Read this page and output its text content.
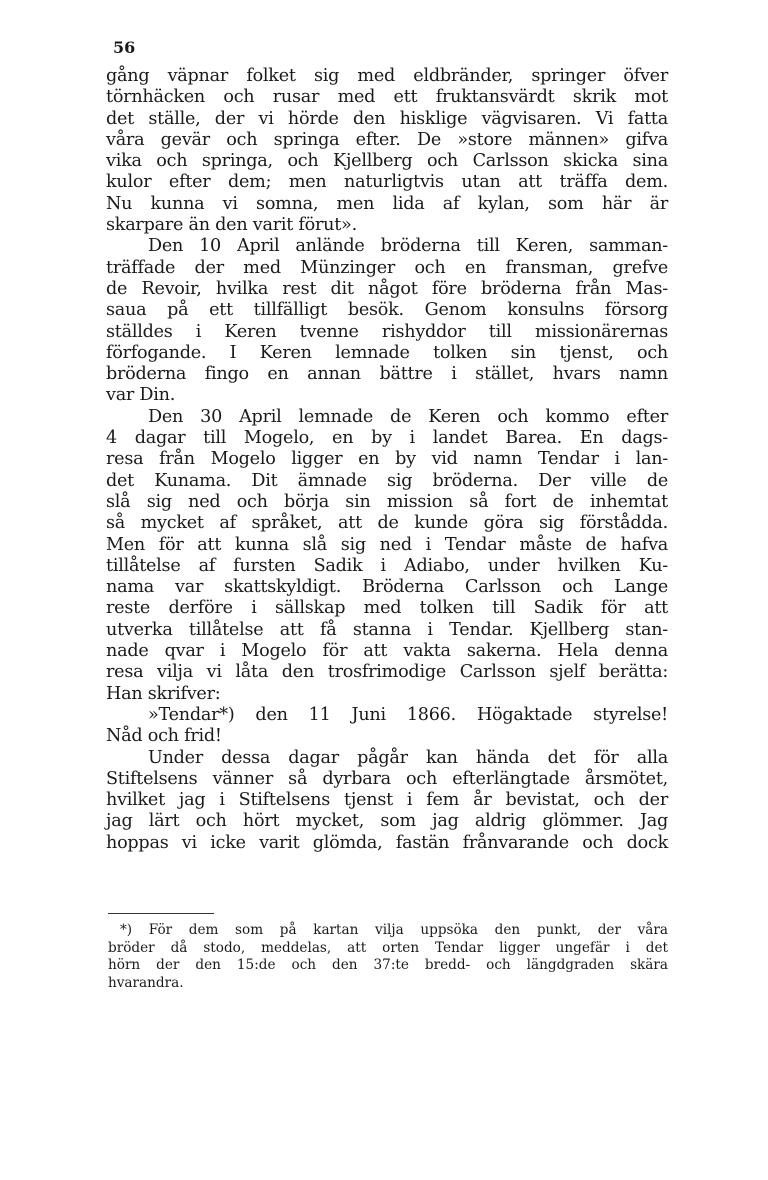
56
gång väpnar folket sig med eldbränder, springer öfver
törnhäcken och rusar med ett fruktansvärdt skrik mot
det ställe, der vi hörde den hisklige vägvisaren. Vi fatta
våra gevär och springa efter. De »store männen» gifva
vika och springa, och Kjellberg och Carlsson skicka sina
kulor efter dem; men naturligtvis utan att träffa dem.
Nu kunna vi somna, men lida af kylan, som här är
skarpare än den varit förut».
Den 10 April anlände bröderna till Keren, samman-
träffade der med Münzinger och en fransman, grefve
de Revoir, hvilka rest dit något före bröderna från Mas-
saua på ett tillfälligt besök. Genom konsulns försorg
ställdes i Keren tvenne rishyddor till missionärernas
förfogande. I Keren lemnade tolken sin tjenst, och
bröderna fingo en annan bättre i stället, hvars namn
var Din.
Den 30 April lemnade de Keren och kommo efter
4 dagar till Mogelo, en by i landet Barea. En dags-
resa från Mogelo ligger en by vid namn Tendar i lan-
det Kunama. Dit ämnade sig bröderna. Der ville de
slå sig ned och börja sin mission så fort de inhemtat
så mycket af språket, att de kunde göra sig förstådda.
Men för att kunna slå sig ned i Tendar måste de hafva
tillåtelse af fursten Sadik i Adiabo, under hvilken Ku-
nama var skattskyldigt. Bröderna Carlsson och Lange
reste derföre i sällskap med tolken till Sadik för att
utverka tillåtelse att få stanna i Tendar. Kjellberg stan-
nade qvar i Mogelo för att vakta sakerna. Hela denna
resa vilja vi låta den trosfrimodige Carlsson sjelf berätta:
Han skrifver:
»Tendar*) den 11 Juni 1866. Högaktade styrelse!
Nåd och frid!
Under dessa dagar pågår kan hända det för alla
Stiftelsens vänner så dyrbara och efterlängtade årsmötet,
hvilket jag i Stiftelsens tjenst i fem år bevistat, och der
jag lärt och hört mycket, som jag aldrig glömmer. Jag
hoppas vi icke varit glömda, fastän frånvarande och dock
*) För dem som på kartan vilja uppsöka den punkt, der våra
bröder då stodo, meddelas, att orten Tendar ligger ungefär i det
hörn der den 15:de och den 37:te bredd- och längdgraden skära
hvarandra.
